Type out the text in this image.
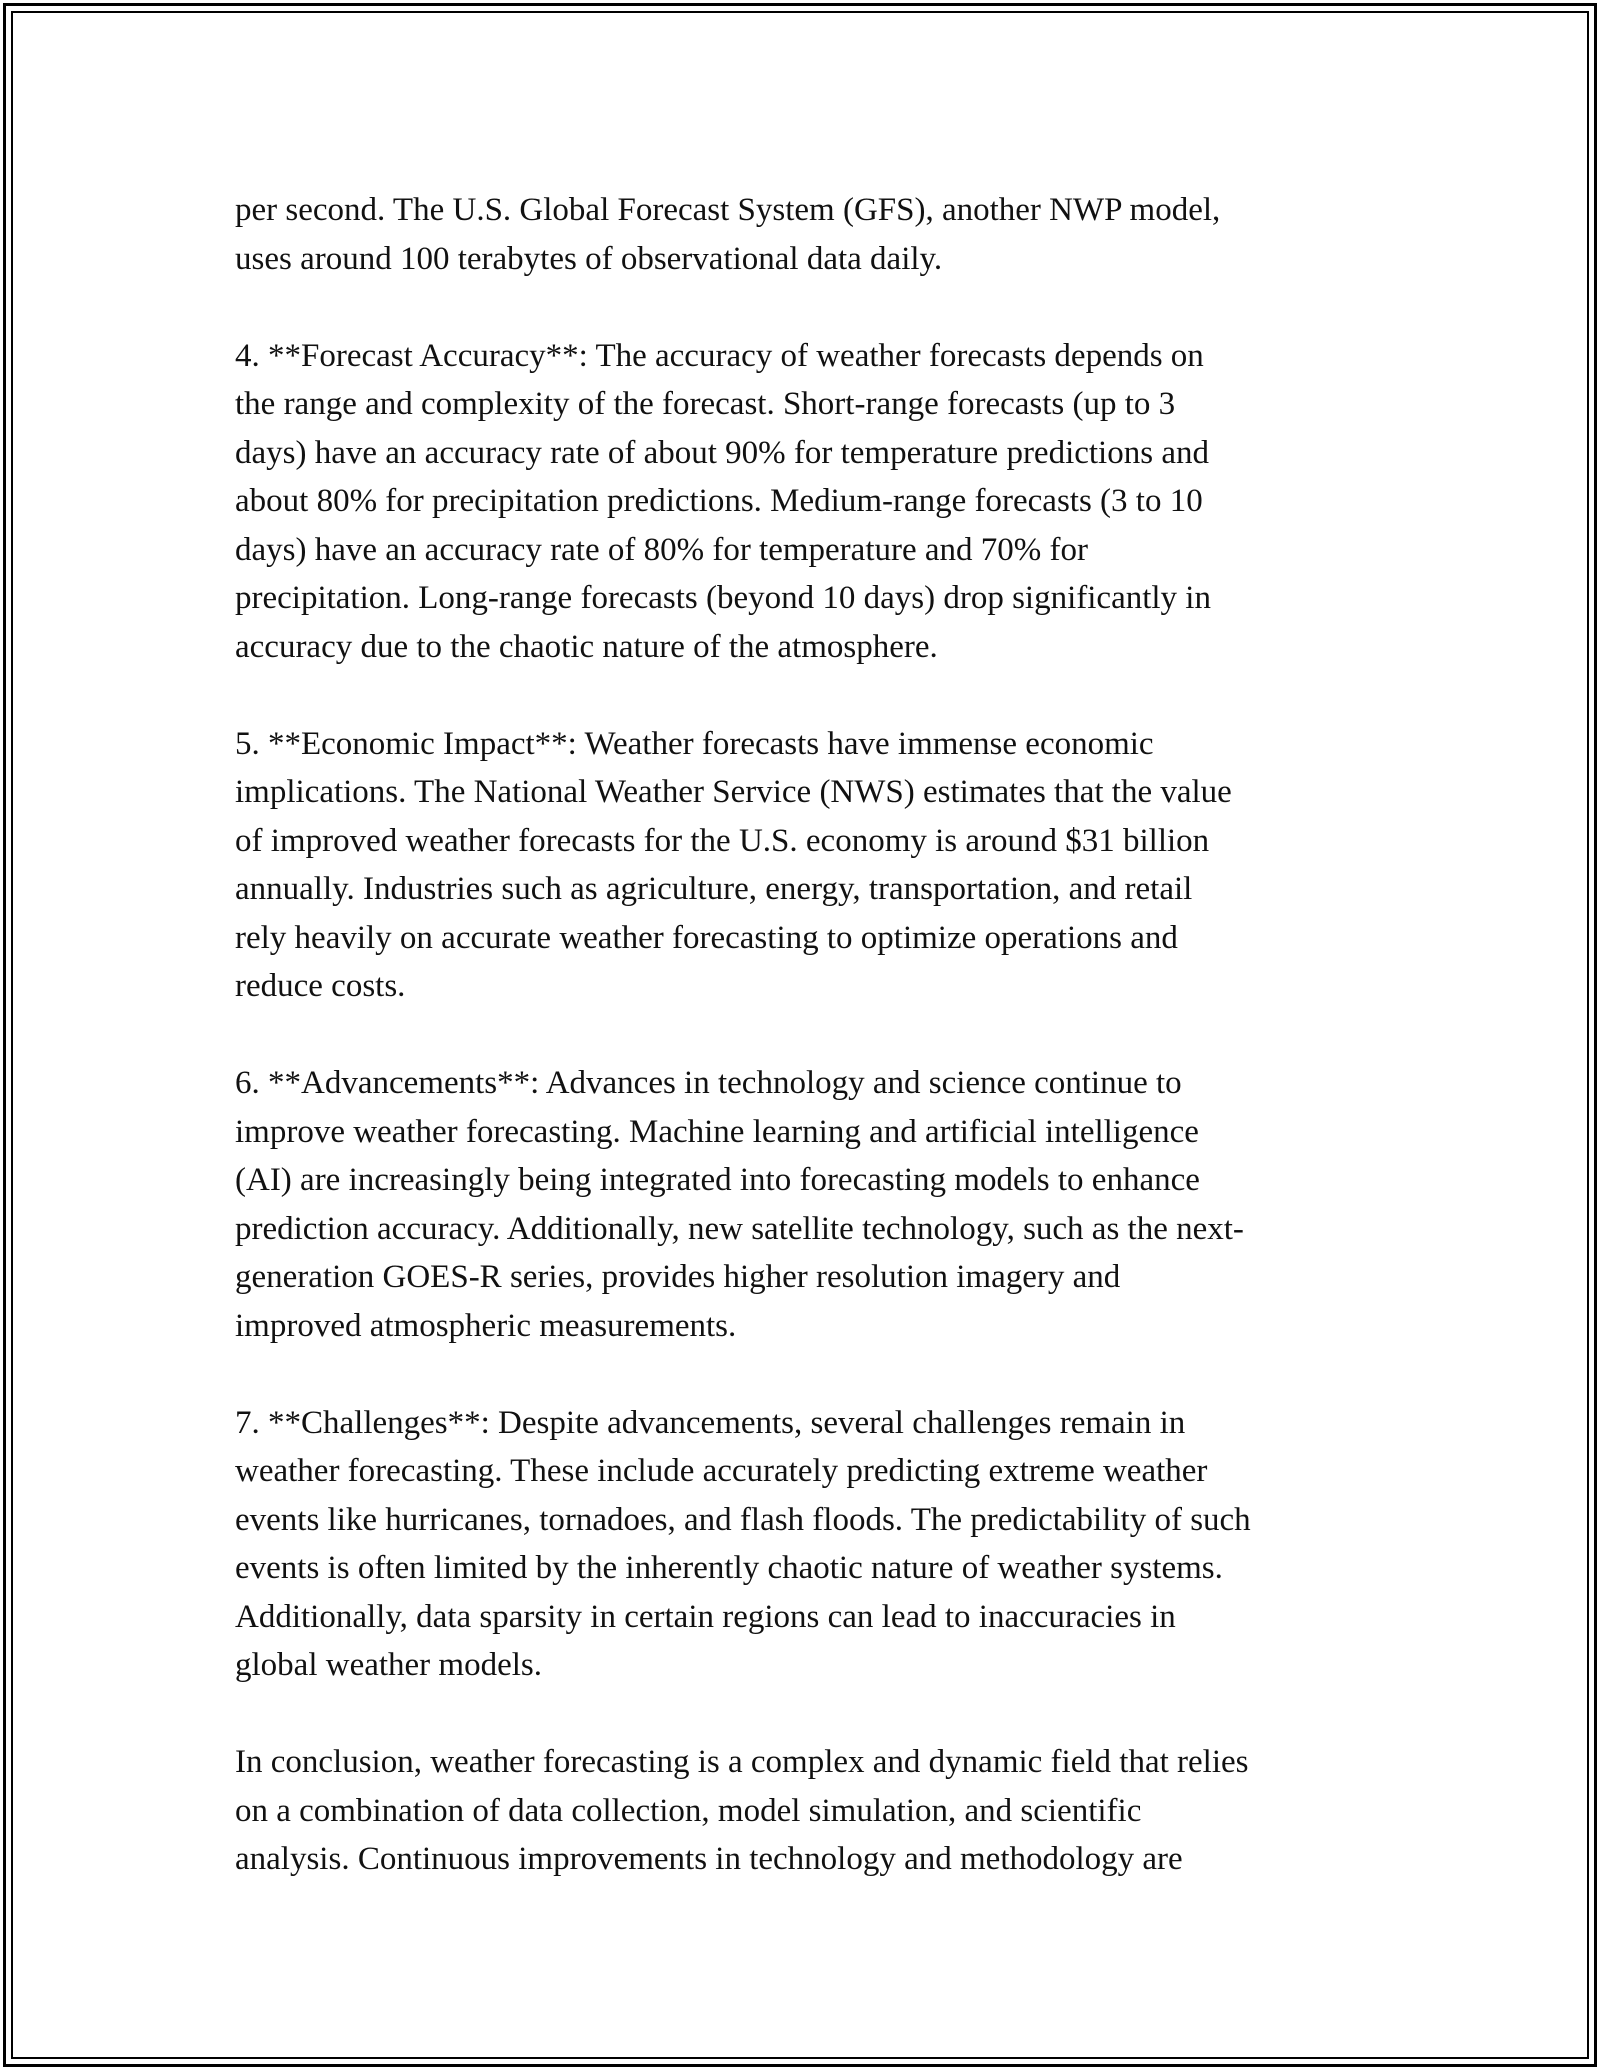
per second. The U.S. Global Forecast System (GFS), another NWP model,
uses around 100 terabytes of observational data daily.

4. **Forecast Accuracy**: The accuracy of weather forecasts depends on
the range and complexity of the forecast. Short-range forecasts (up to 3
days) have an accuracy rate of about 90% for temperature predictions and
about 80% for precipitation predictions. Medium-range forecasts (3 to 10
days) have an accuracy rate of 80% for temperature and 70% for
precipitation. Long-range forecasts (beyond 10 days) drop significantly in
accuracy due to the chaotic nature of the atmosphere.

5. **Economic Impact**: Weather forecasts have immense economic
implications. The National Weather Service (NWS) estimates that the value
of improved weather forecasts for the U.S. economy is around $31 billion
annually. Industries such as agriculture, energy, transportation, and retail
rely heavily on accurate weather forecasting to optimize operations and
reduce costs.

6. **Advancements**: Advances in technology and science continue to
improve weather forecasting. Machine learning and artificial intelligence
(AI) are increasingly being integrated into forecasting models to enhance
prediction accuracy. Additionally, new satellite technology, such as the next-
generation GOES-R series, provides higher resolution imagery and
improved atmospheric measurements.

7. **Challenges**: Despite advancements, several challenges remain in
weather forecasting. These include accurately predicting extreme weather
events like hurricanes, tornadoes, and flash floods. The predictability of such
events is often limited by the inherently chaotic nature of weather systems.
Additionally, data sparsity in certain regions can lead to inaccuracies in
global weather models.

In conclusion, weather forecasting is a complex and dynamic field that relies
on a combination of data collection, model simulation, and scientific
analysis. Continuous improvements in technology and methodology are
